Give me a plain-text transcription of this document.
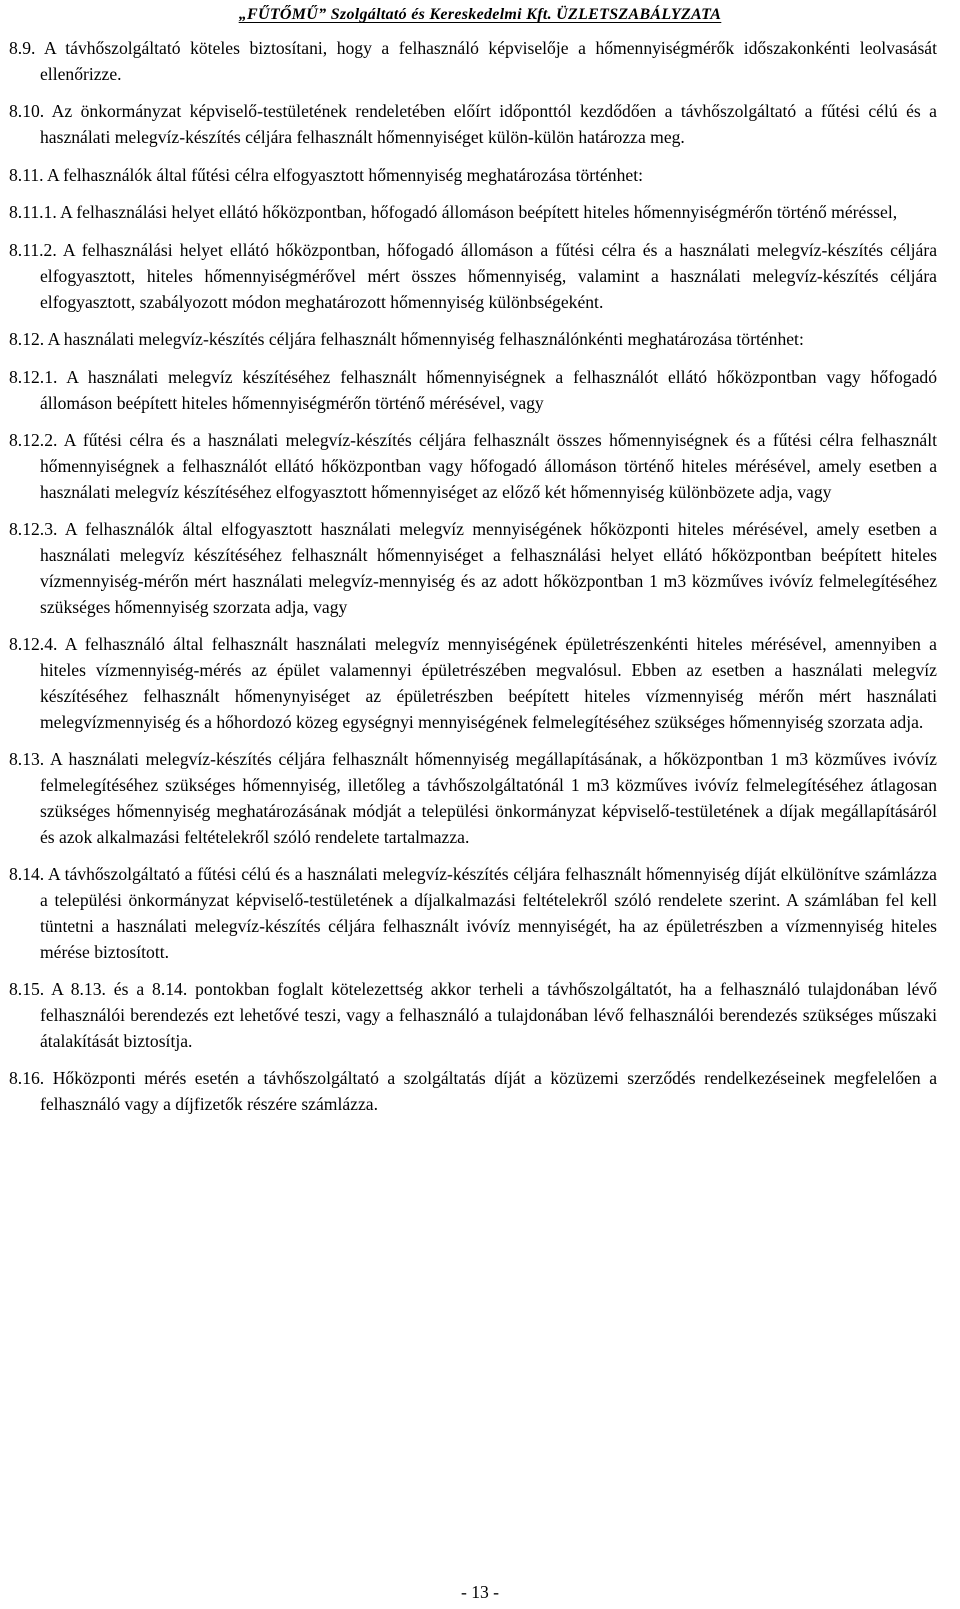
„FŰTŐMŰ” Szolgáltató és Kereskedelmi Kft. ÜZLETSZABÁLYZATA

8.9. A távhőszolgáltató köteles biztosítani, hogy a felhasználó képviselője a hőmennyiségmérők időszakonkénti leolvasását ellenőrizze.

8.10. Az önkormányzat képviselő-testületének rendeletében előírt időponttól kezdődően a távhőszolgáltató a fűtési célú és a használati melegvíz-készítés céljára felhasznált hőmennyiséget külön-külön határozza meg.

8.11. A felhasználók által fűtési célra elfogyasztott hőmennyiség meghatározása történhet:

8.11.1. A felhasználási helyet ellátó hőközpontban, hőfogadó állomáson beépített hiteles hőmennyiségmérőn történő méréssel,

8.11.2. A felhasználási helyet ellátó hőközpontban, hőfogadó állomáson a fűtési célra és a használati melegvíz-készítés céljára elfogyasztott, hiteles hőmennyiségmérővel mért összes hőmennyiség, valamint a használati melegvíz-készítés céljára elfogyasztott, szabályozott módon meghatározott hőmennyiség különbségeként.

8.12. A használati melegvíz-készítés céljára felhasznált hőmennyiség felhasználónkénti meghatározása történhet:

8.12.1. A használati melegvíz készítéséhez felhasznált hőmennyiségnek a felhasználót ellátó hőközpontban vagy hőfogadó állomáson beépített hiteles hőmennyiségmérőn történő mérésével, vagy

8.12.2. A fűtési célra és a használati melegvíz-készítés céljára felhasznált összes hőmennyiségnek és a fűtési célra felhasznált hőmennyiségnek a felhasználót ellátó hőközpontban vagy hőfogadó állomáson történő hiteles mérésével, amely esetben a használati melegvíz készítéséhez elfogyasztott hőmennyiséget az előző két hőmennyiség különbözete adja, vagy

8.12.3. A felhasználók által elfogyasztott használati melegvíz mennyiségének hőközponti hiteles mérésével, amely esetben a használati melegvíz készítéséhez felhasznált hőmennyiséget a felhasználási helyet ellátó hőközpontban beépített hiteles vízmennyiség-mérőn mért használati melegvíz-mennyiség és az adott hőközpontban 1 m3 közműves ivóvíz felmelegítéséhez szükséges hőmennyiség szorzata adja, vagy

8.12.4. A felhasználó által felhasznált használati melegvíz mennyiségének épületrészenkénti hiteles mérésével, amennyiben a hiteles vízmennyiség-mérés az épület valamennyi épületrészében megvalósul. Ebben az esetben a használati melegvíz készítéséhez felhasznált hőmenynyiséget az épületrészben beépített hiteles vízmennyiség mérőn mért használati melegvízmennyiség és a hőhordozó közeg egységnyi mennyiségének felmelegítéséhez szükséges hőmennyiség szorzata adja.

8.13. A használati melegvíz-készítés céljára felhasznált hőmennyiség megállapításának, a hőközpontban 1 m3 közműves ivóvíz felmelegítéséhez szükséges hőmennyiség, illetőleg a távhőszolgáltatónál 1 m3 közműves ivóvíz felmelegítéséhez átlagosan szükséges hőmennyiség meghatározásának módját a települési önkormányzat képviselő-testületének a díjak megállapításáról és azok alkalmazási feltételekről szóló rendelete tartalmazza.

8.14. A távhőszolgáltató a fűtési célú és a használati melegvíz-készítés céljára felhasznált hőmennyiség díját elkülönítve számlázza a települési önkormányzat képviselő-testületének a díjalkalmazási feltételekről szóló rendelete szerint. A számlában fel kell tüntetni a használati melegvíz-készítés céljára felhasznált ivóvíz mennyiségét, ha az épületrészben a vízmennyiség hiteles mérése biztosított.

8.15. A 8.13. és a 8.14. pontokban foglalt kötelezettség akkor terheli a távhőszolgáltatót, ha a felhasználó tulajdonában lévő felhasználói berendezés ezt lehetővé teszi, vagy a felhasználó a tulajdonában lévő felhasználói berendezés szükséges műszaki átalakítását biztosítja.

8.16. Hőközponti mérés esetén a távhőszolgáltató a szolgáltatás díját a közüzemi szerződés rendelkezéseinek megfelelően a felhasználó vagy a díjfizetők részére számlázza.

- 13 -
